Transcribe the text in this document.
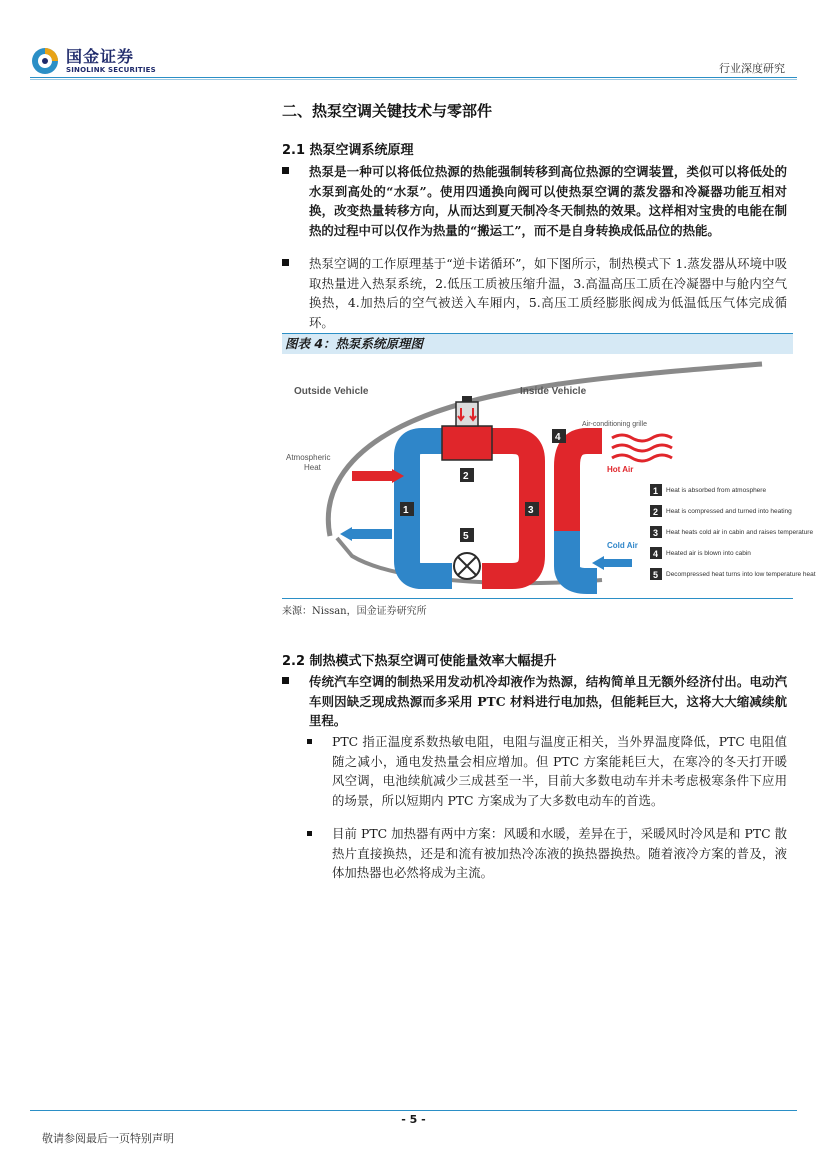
国金证券
SINOLINK SECURITIES	行业深度研究
二、热泵空调关键技术与零部件
2.1 热泵空调系统原理
热泵是一种可以将低位热源的热能强制转移到高位热源的空调装置，类似可以将低处的水泵到高处的“水泵”。使用四通换向阀可以使热泵空调的蒸发器和冷凝器功能互相对换，改变热量转移方向，从而达到夏天制冷冬天制热的效果。这样相对宝贵的电能在制热的过程中可以仅作为热量的“搬运工”，而不是自身转换成低品位的热能。
热泵空调的工作原理基于“逆卡诺循环”，如下图所示，制热模式下 1.蒸发器从环境中吸取热量进入热泵系统，2.低压工质被压缩升温，3.高温高压工质在冷凝器中与舱内空气换热，4.加热后的空气被送入车厢内，5.高压工质经膨胀阀成为低温低压气体完成循环。
图表 4：热泵系统原理图
Outside Vehicle	Inside Vehicle
Atmospheric
Heat
Air-conditioning grille
Hot Air
Cold Air
1
2
3
4
5
1 Heat is absorbed from atmosphere
2 Heat is compressed and turned into heating
3 Heat heats cold air in cabin and raises temperature
4 Heated air is blown into cabin
5 Decompressed heat turns into low temperature heat
来源：Nissan，国金证券研究所
2.2 制热模式下热泵空调可使能量效率大幅提升
传统汽车空调的制热采用发动机冷却液作为热源，结构简单且无额外经济付出。电动汽车则因缺乏现成热源而多采用 PTC 材料进行电加热，但能耗巨大，这将大大缩减续航里程。
PTC 指正温度系数热敏电阻，电阻与温度正相关，当外界温度降低，PTC 电阻值随之减小，通电发热量会相应增加。但 PTC 方案能耗巨大，在寒冷的冬天打开暖风空调，电池续航减少三成甚至一半，目前大多数电动车并未考虑极寒条件下应用的场景，所以短期内 PTC 方案成为了大多数电动车的首选。
目前 PTC 加热器有两中方案：风暖和水暖，差异在于，采暖风时冷风是和 PTC 散热片直接换热，还是和流有被加热冷冻液的换热器换热。随着液冷方案的普及，液体加热器也必然将成为主流。
- 5 -
敬请参阅最后一页特别声明
